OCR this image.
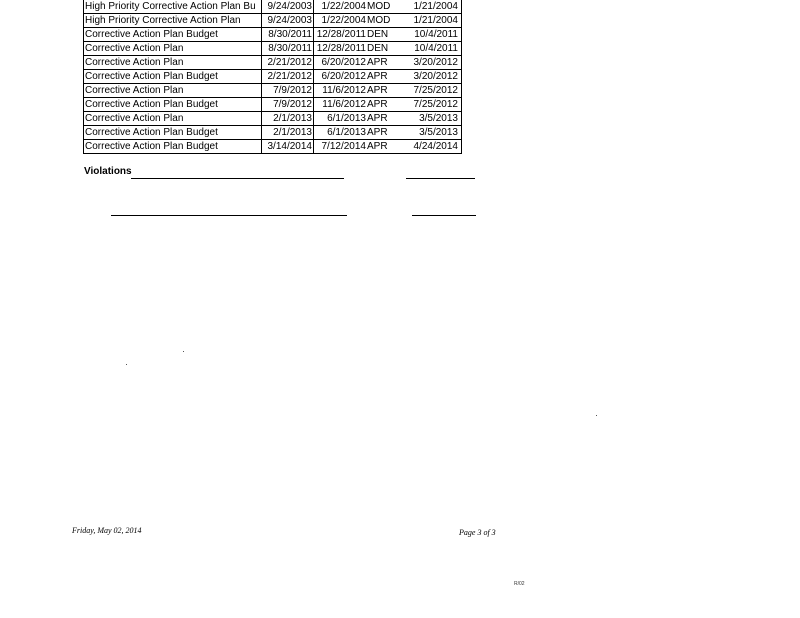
High Priority Corrective Action Plan Bu	9/24/2003 1/22/2004 MOD	1/21/2004
High Priority Corrective Action Plan	9/24/2003 1/22/2004 MOD	1/21/2004
Corrective Action Plan Budget	8/30/2011 12/28/2011 DEN	10/4/2011
Corrective Action Plan	8/30/2011 12/28/2011 DEN	10/4/2011
Corrective Action Plan	2/21/2012 6/20/2012 APR	3/20/2012
Corrective Action Plan Budget	2/21/2012 6/20/2012 APR	3/20/2012
Corrective Action Plan	7/9/2012	11/6/2012 APR	7/25/2012
Corrective Action Plan Budget	7/9/2012	11/6/2012 APR	7/25/2012
Corrective Action Plan	2/1/2013	6/1/2013 APR	3/5/2013
Corrective Action Plan Budget	2/1/2013	6/1/2013 APR	3/5/2013
Corrective Action Plan Budget	3/14/2014 7/12/2014 APR	4/24/2014
Violations
Friday, May 02, 2014	Page 3 of 3
R/02
